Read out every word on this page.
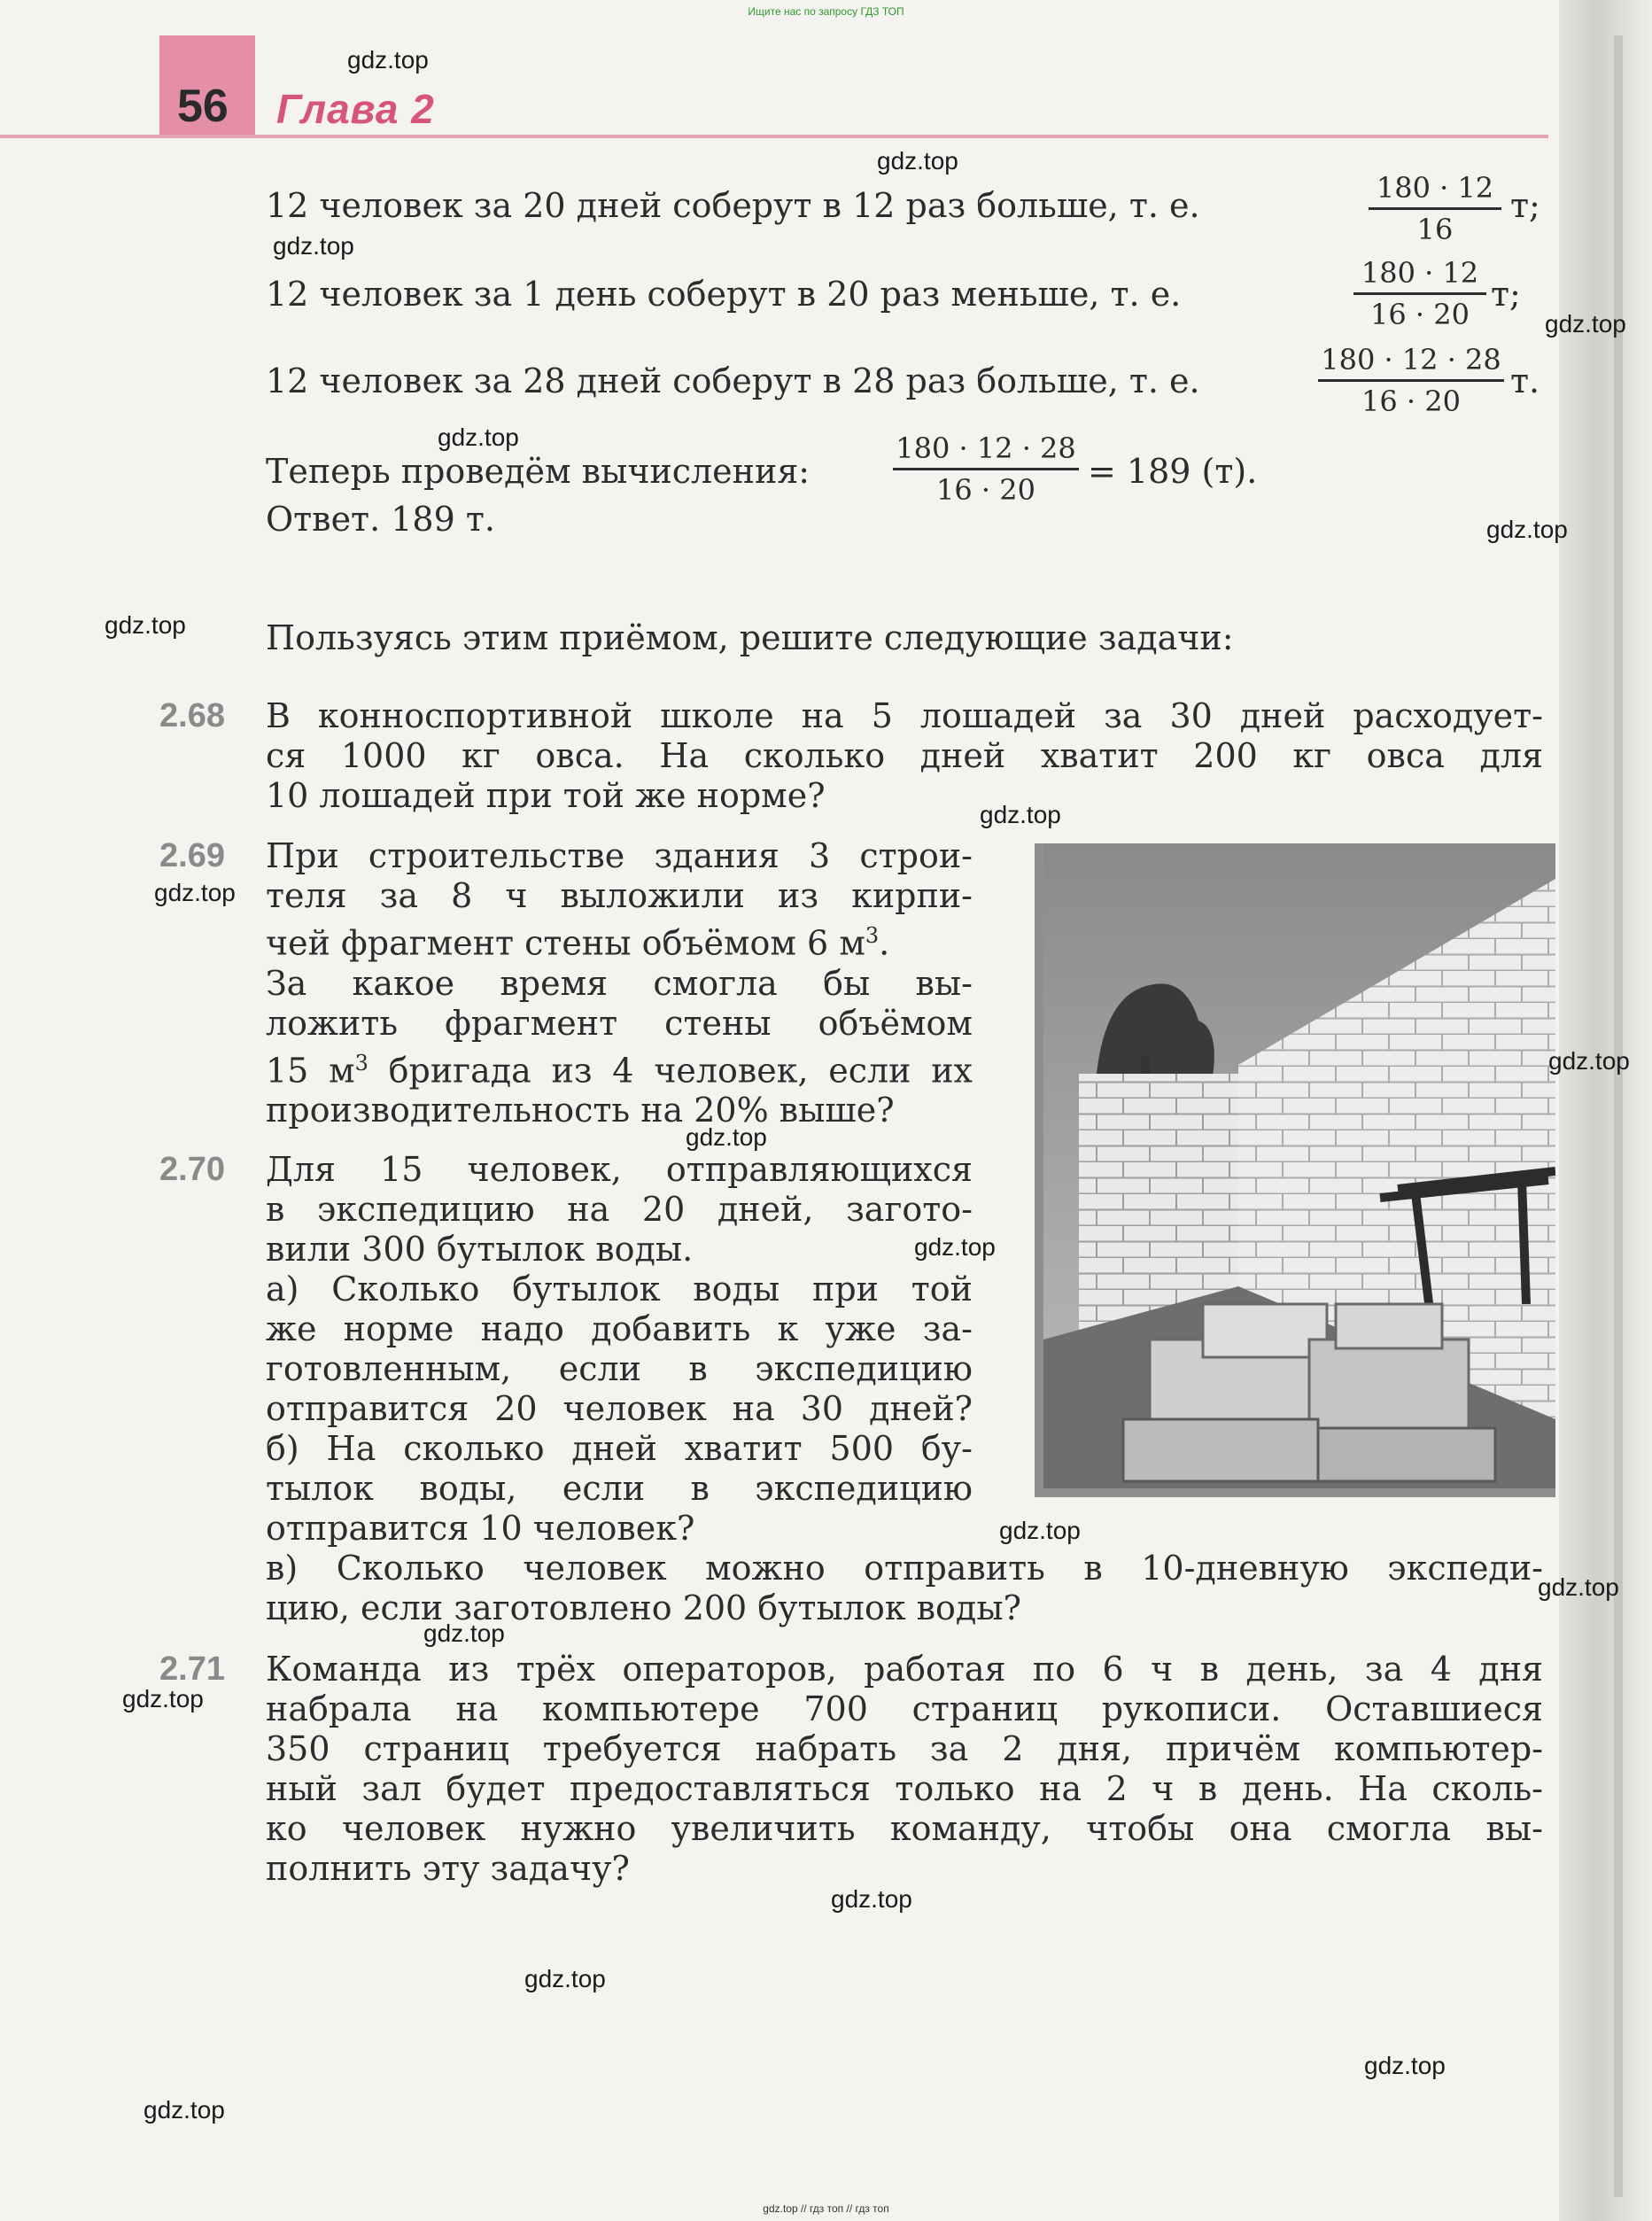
Ищите нас по запросу ГДЗ ТОП
56 Глава 2
12 человек за 20 дней соберут в 12 раз больше, т. е.	180 · 12
16
т;
12 человек за 1 день соберут в 20 раз меньше, т. е.
180 · 12
16 · 20
т;
12 человек за 28 дней соберут в 28 раз больше, т. е.
180 · 12 · 28
16 · 20
т.
Теперь проведём вычисления:
180 · 12 · 28
16 · 20	= 189 (т).
Ответ. 189 т.
Пользуясь этим приёмом, решите следующие задачи:
2.68 В конноспортивной школе на 5 лошадей за 30 дней расходует-
ся 1000 кг овса. На сколько дней хватит 200 кг овса для
10 лошадей при той же норме?
2.69 При строительстве здания 3 строи-
теля за 8 ч выложили из кирпи-
чей фрагмент стены объёмом 6 $м^3$.
За какое время смогла бы вы-
ложить фрагмент стены объёмом
15 $м^3$ бригада из 4 человек, если их
производительность на 20% выше?
2.70 Для 15 человек, отправляющихся
в экспедицию на 20 дней, загото-
вили 300 бутылок воды.
а) Сколько бутылок воды при той
же норме надо добавить к уже за-
готовленным, если в экспедицию
отправится 20 человек на 30 дней?
б) На сколько дней хватит 500 бу-
тылок воды, если в экспедицию
отправится 10 человек?
в) Сколько человек можно отправить в 10-дневную экспеди-
цию, если заготовлено 200 бутылок воды?
2.71 Команда из трёх операторов, работая по 6 ч в день, за 4 дня
набрала на компьютере 700 страниц рукописи. Оставшиеся
350 страниц требуется набрать за 2 дня, причём компьютер-
ный зал будет предоставляться только на 2 ч в день. На сколь-
ко человек нужно увеличить команду, чтобы она смогла вы-
полнить эту задачу?
gdz.top
gdz.top
gdz.top
gdz.top
gdz.top
gdz.top
gdz.top
gdz.top
gdz.top
gdz.top
gdz.top
gdz.top
gdz.top
gdz.top
gdz.top
gdz.top
gdz.top
gdz.top
gdz.top
gdz.top
gdz.top // гдз топ // гдз топ
